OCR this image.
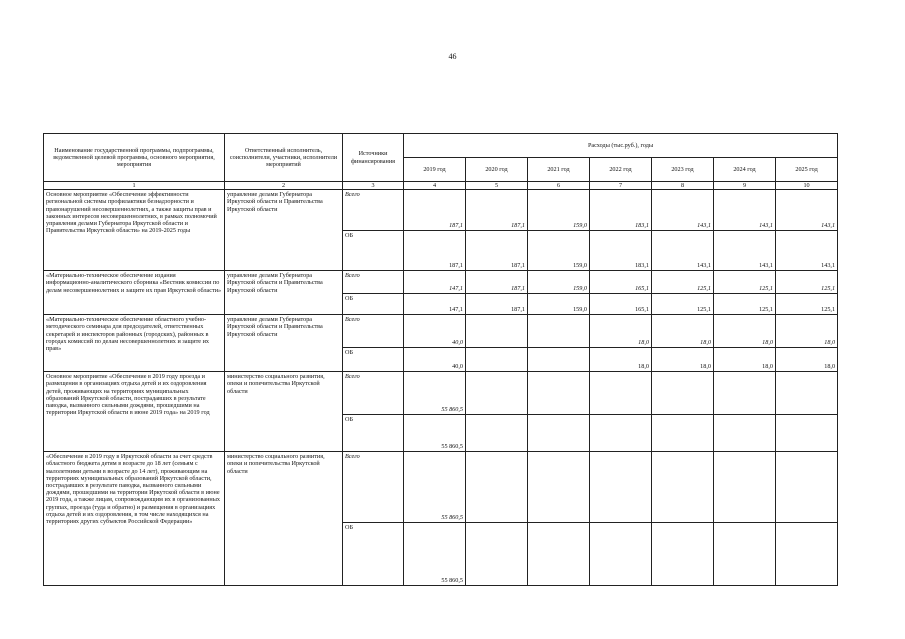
46
Наименование государственной программы, подпрограммы, ведомственной целевой программы, основного мероприятия, мероприятия	Ответственный исполнитель, соисполнители, участники, исполнители мероприятий	Источники финансирования	Расходы (тыс.руб.), годы						
			2019 год	2020 год	2021 год	2022 год	2023 год	2024 год	2025 год
1	2	3	4	5	6	7	8	9	10
Основное мероприятие «Обеспечение эффективности региональной системы профилактики безнадзорности и правонарушений несовершеннолетних, а также защиты прав и законных интересов несовершеннолетних, в рамках полномочий управления делами Губернатора Иркутской области и Правительства Иркутской области» на 2019-2025 годы	управление делами Губернатора Иркутской области и Правительства Иркутской области	Всего	187,1	187,1	159,0	183,1	143,1	143,1	143,1
		ОБ	187,1	187,1	159,0	183,1	143,1	143,1	143,1
«Материально-техническое обеспечение издания информационно-аналитического сборника «Вестник комиссии по делам несовершеннолетних и защите их прав Иркутской области»	управление делами Губернатора Иркутской области и Правительства Иркутской области	Всего	147,1	187,1	159,0	165,1	125,1	125,1	125,1
		ОБ	147,1	187,1	159,0	165,1	125,1	125,1	125,1
«Материально-техническое обеспечение областного учебно-методического семинара для председателей, ответственных секретарей и инспекторов районных (городских), районных в городах комиссий по делам несовершеннолетних и защите их прав»	управление делами Губернатора Иркутской области и Правительства Иркутской области	Всего	40,0			18,0	18,0	18,0	18,0
		ОБ	40,0			18,0	18,0	18,0	18,0
Основное мероприятие «Обеспечение в 2019 году проезда и размещения в организациях отдыха детей и их оздоровления детей, проживающих на территориях муниципальных образований Иркутской области, пострадавших в результате паводка, вызванного сильными дождями, прошедшими на территории Иркутской области в июне 2019 года» на 2019 год	министерство социального развития, опеки и попечительства Иркутской области	Всего	55 860,5						
		ОБ	55 860,5						
«Обеспечение в 2019 году в Иркутской области за счет средств областного бюджета детям в возрасте до 18 лет (семьям с малолетними детьми в возрасте до 14 лет), проживающим на территориях муниципальных образований Иркутской области, пострадавших в результате паводка, вызванного сильными дождями, прошедшими на территории Иркутской области в июне 2019 года, а также лицам, сопровождающим их в организованных группах, проезда (туда и обратно) и размещения в организациях отдыха детей и их оздоровления, в том числе находящихся на территориях других субъектов Российской Федерации»	министерство социального развития, опеки и попечительства Иркутской области	Всего	55 860,5						
		ОБ	55 860,5						
